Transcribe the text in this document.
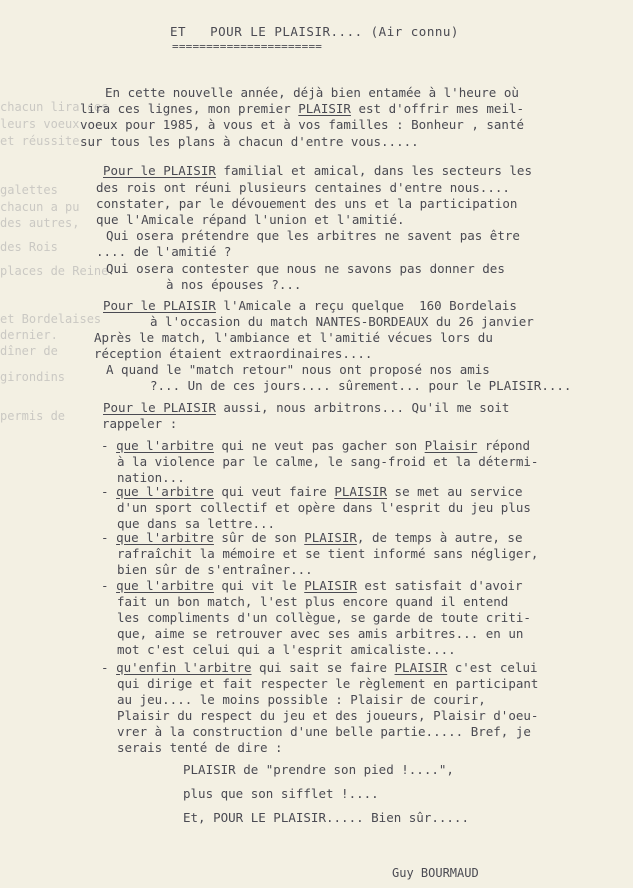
ET   POUR LE PLAISIR.... (Air connu)
======================
chacun lira ces
leurs voeux
et réussite
galettes
chacun a pu
des autres,
des Rois
places de Reine
et Bordelaises
dernier.
dîner de
girondins
permis de
En cette nouvelle année, déjà bien entamée à l'heure où
lira ces lignes, mon premier PLAISIR est d'offrir mes meil-
voeux pour 1985, à vous et à vos familles : Bonheur , santé
sur tous les plans à chacun d'entre vous.....
Pour le PLAISIR familial et amical, dans les secteurs les
des rois ont réuni plusieurs centaines d'entre nous....
constater, par le dévouement des uns et la participation
que l'Amicale répand l'union et l'amitié.
Qui osera prétendre que les arbitres ne savent pas être
.... de l'amitié ?
Qui osera contester que nous ne savons pas donner des
à nos épouses ?...
Pour le PLAISIR l'Amicale a reçu quelque  160 Bordelais
à l'occasion du match NANTES-BORDEAUX du 26 janvier
Après le match, l'ambiance et l'amitié vécues lors du
réception étaient extraordinaires....
A quand le "match retour" nous ont proposé nos amis
?... Un de ces jours.... sûrement... pour le PLAISIR....
Pour le PLAISIR aussi, nous arbitrons... Qu'il me soit
rappeler :
- que l'arbitre qui ne veut pas gacher son Plaisir répond
à la violence par le calme, le sang-froid et la détermi-
nation...
- que l'arbitre qui veut faire PLAISIR se met au service
d'un sport collectif et opère dans l'esprit du jeu plus
que dans sa lettre...
- que l'arbitre sûr de son PLAISIR, de temps à autre, se
rafraîchit la mémoire et se tient informé sans négliger,
bien sûr de s'entraîner...
- que l'arbitre qui vit le PLAISIR est satisfait d'avoir
fait un bon match, l'est plus encore quand il entend
les compliments d'un collègue, se garde de toute criti-
que, aime se retrouver avec ses amis arbitres... en un
mot c'est celui qui a l'esprit amicaliste....
- qu'enfin l'arbitre qui sait se faire PLAISIR c'est celui
qui dirige et fait respecter le règlement en participant
au jeu.... le moins possible : Plaisir de courir,
Plaisir du respect du jeu et des joueurs, Plaisir d'oeu-
vrer à la construction d'une belle partie..... Bref, je
serais tenté de dire :
PLAISIR de "prendre son pied !....",
plus que son sifflet !....
Et, POUR LE PLAISIR..... Bien sûr.....
Guy BOURMAUD
